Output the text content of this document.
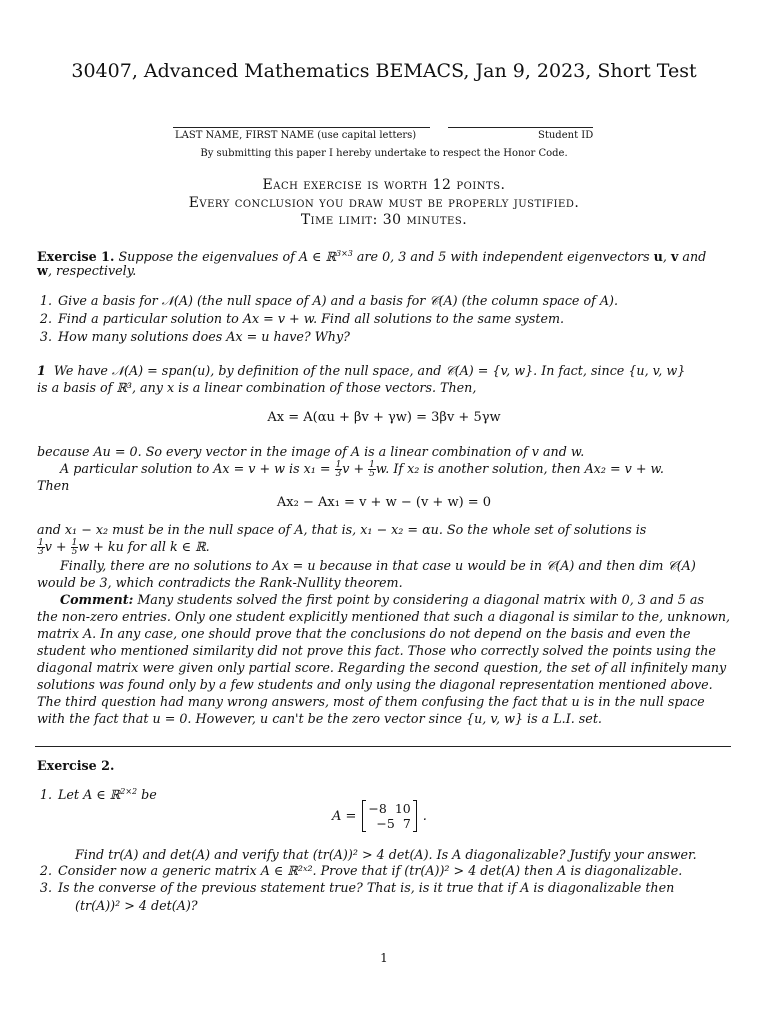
30407, Advanced Mathematics BEMACS, Jan 9, 2023, Short Test
LAST NAME, FIRST NAME (use capital letters)	Student ID
By submitting this paper I hereby undertake to respect the Honor Code.
Each exercise is worth 12 points.
Every conclusion you draw must be properly justified.
Time limit: 30 minutes.
Exercise 1. Suppose the eigenvalues of A ∈ ℝ$^{3\times 3}$ are 0, 3 and 5 with independent eigenvectors u, v and
w, respectively.
1. Give a basis for 𝒩(A) (the null space of A) and a basis for 𝒞(A) (the column space of A).
2. Find a particular solution to Ax = v + w. Find all solutions to the same system.
3. How many solutions does Ax = u have? Why?
1 We have 𝒩(A) = span(u), by definition of the null space, and 𝒞(A) = {v, w}. In fact, since {u, v, w}
is a basis of ℝ³, any x is a linear combination of those vectors. Then,
Ax = A(αu + βv + γw) = 3βv + 5γw
because Au = 0. So every vector in the image of A is a linear combination of v and w.
A particular solution to Ax = v + w is $x_1 = \frac{1}{3}$ $v + \frac{1}{5} w$. If x₂ is another solution, then Ax₂ = v + w.
Then
Ax₂ − Ax₁ = v + w − (v + w) = 0
and x₁ − x₂ must be in the null space of A, that is, x₁ − x₂ = αu. So the whole set of solutions is
$\frac{1}{3}$ $v + \frac{1}{5}$ w + ku for all k ∈ ℝ.
Finally, there are no solutions to Ax = u because in that case u would be in 𝒞(A) and then dim 𝒞(A)
would be 3, which contradicts the Rank-Nullity theorem.
Comment: Many students solved the first point by considering a diagonal matrix with 0, 3 and 5 as
the non-zero entries. Only one student explicitly mentioned that such a diagonal is similar to the, unknown,
matrix A. In any case, one should prove that the conclusions do not depend on the basis and even the
student who mentioned similarity did not prove this fact. Those who correctly solved the points using the
diagonal matrix were given only partial score. Regarding the second question, the set of all infinitely many
solutions was found only by a few students and only using the diagonal representation mentioned above.
The third question had many wrong answers, most of them confusing the fact that u is in the null space
with the fact that u = 0. However, u can't be the zero vector since {u, v, w} is a L.I. set.
Exercise 2.
1. Let A ∈ ℝ$^{2\times 2}$ be
A = −8 10
−5 7 .
Find tr(A) and det(A) and verify that (tr(A))² > 4 det(A). Is A diagonalizable? Justify your answer.
2. Consider now a generic matrix A ∈ ℝ²ˣ². Prove that if (tr(A))² > 4 det(A) then A is diagonalizable.
3. Is the converse of the previous statement true? That is, is it true that if A is diagonalizable then
(tr(A))² > 4 det(A)?
1
